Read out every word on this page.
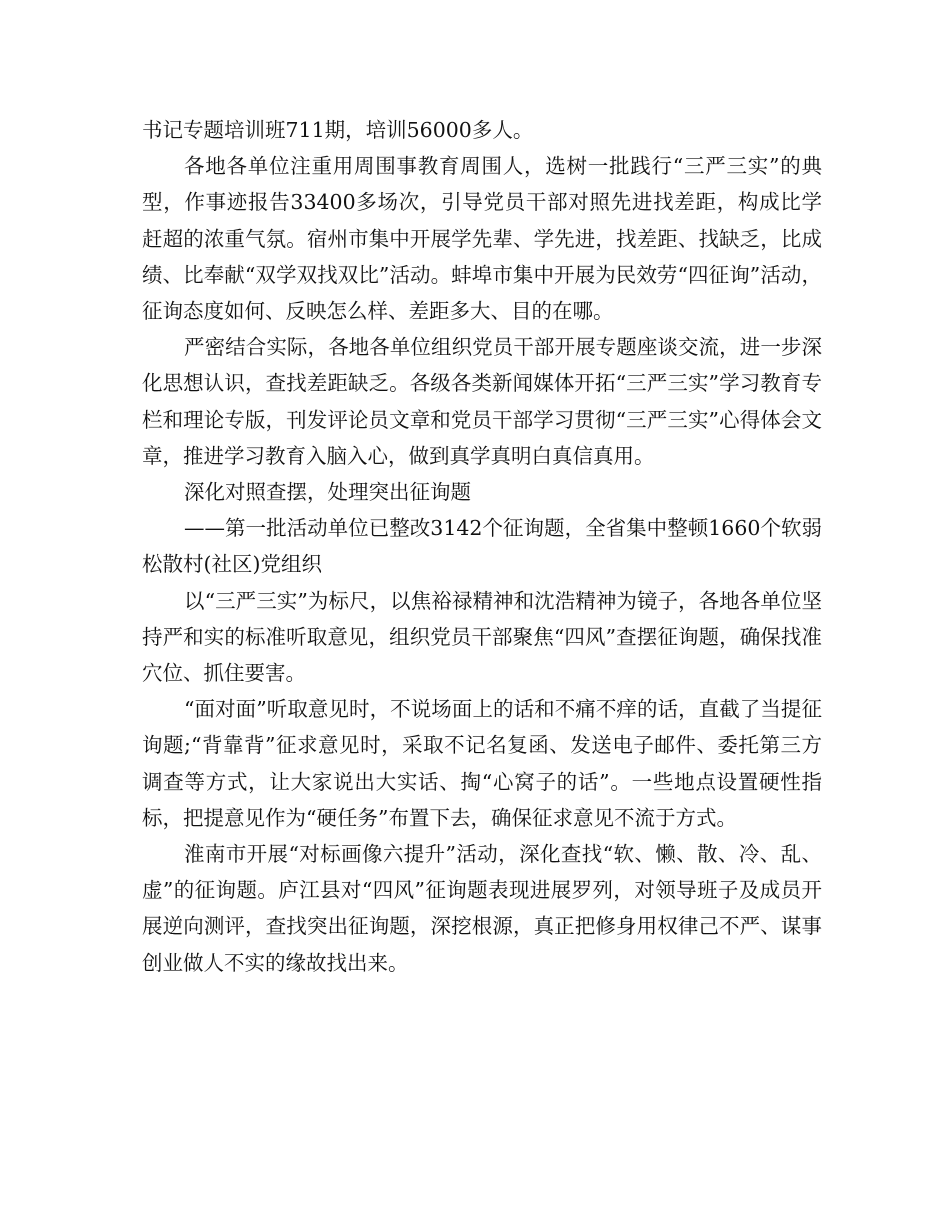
书记专题培训班711期，培训56000多人。

各地各单位注重用周围事教育周围人，选树一批践行“三严三实”的典型，作事迹报告33400多场次，引导党员干部对照先进找差距，构成比学赶超的浓重气氛。宿州市集中开展学先辈、学先进，找差距、找缺乏，比成绩、比奉献“双学双找双比”活动。蚌埠市集中开展为民效劳“四征询”活动，征询态度如何、反映怎么样、差距多大、目的在哪。

严密结合实际，各地各单位组织党员干部开展专题座谈交流，进一步深化思想认识，查找差距缺乏。各级各类新闻媒体开拓“三严三实”学习教育专栏和理论专版，刊发评论员文章和党员干部学习贯彻“三严三实”心得体会文章，推进学习教育入脑入心，做到真学真明白真信真用。

深化对照查摆，处理突出征询题

——第一批活动单位已整改3142个征询题，全省集中整顿1660个软弱松散村(社区)党组织

以“三严三实”为标尺，以焦裕禄精神和沈浩精神为镜子，各地各单位坚持严和实的标准听取意见，组织党员干部聚焦“四风”查摆征询题，确保找准穴位、抓住要害。

“面对面”听取意见时，不说场面上的话和不痛不痒的话，直截了当提征询题;“背靠背”征求意见时，采取不记名复函、发送电子邮件、委托第三方调查等方式，让大家说出大实话、掏“心窝子的话”。一些地点设置硬性指标，把提意见作为“硬任务”布置下去，确保征求意见不流于方式。

淮南市开展“对标画像六提升”活动，深化查找“软、懒、散、冷、乱、虚”的征询题。庐江县对“四风”征询题表现进展罗列，对领导班子及成员开展逆向测评，查找突出征询题，深挖根源，真正把修身用权律己不严、谋事创业做人不实的缘故找出来。
